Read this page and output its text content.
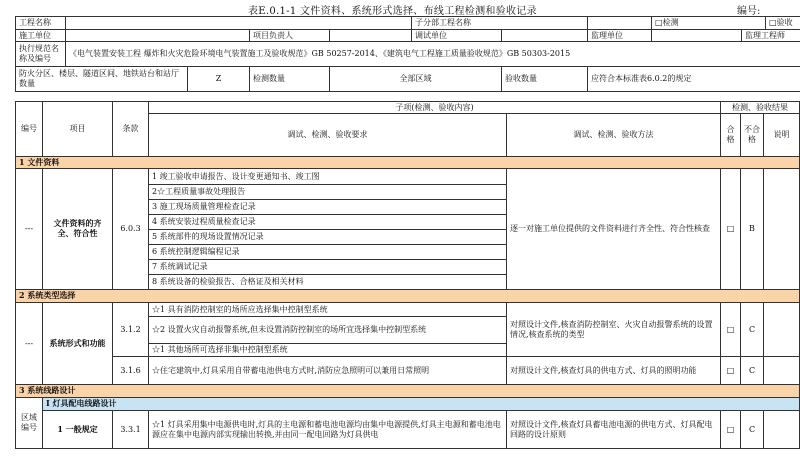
表E.0.1-1 文件资料、系统形式选择、布线工程检测和验收记录	编号:
工程名称					子分部工程名称			□检测		□验收	
施工单位			项目负责人		调试单位		监理单位		监理工程师		
执行规范名称及编号	《电气装置安装工程 爆炸和火灾危险环境电气装置施工及验收规范》GB 50257-2014、《建筑电气工程施工质量验收规范》GB 50303-2015										
防火分区、楼层、隧道区间、地铁站台和站厅数量		Z	检测数量	全部区域		验收数量	应符合本标准表6.0.2的规定				
编号	项目	条款	子项(检测、验收内容)		检测、验收结果		
			调试、检测、验收要求	调试、检测、验收方法	合格	不合格	说明
1 文件资料							
---	文件资料的齐全、符合性	6.0.3	1 竣工验收申请报告、设计变更通知书、竣工图	逐一对施工单位提供的文件资料进行齐全性、符合性核查	□	B	
			2☆工程质量事故处理报告				
			3 施工现场质量管理检查记录				
			4 系统安装过程质量检查记录				
			5 系统部件的现场设置情况记录				
			6 系统控制逻辑编程记录				
			7 系统调试记录				
			8 系统设备的检验报告、合格证及相关材料				
2 系统类型选择							
---	系统形式和功能	3.1.2	☆1 具有消防控制室的场所应选择集中控制型系统	对照设计文件,核查消防控制室、火灾自动报警系统的设置情况,核查系统的类型	□	C	
			☆2 设置火灾自动报警系统,但未设置消防控制室的场所宜选择集中控制型系统				
			☆1 其他场所可选择非集中控制型系统				
		3.1.6	☆住宅建筑中,灯具采用自带蓄电池供电方式时,消防应急照明可以兼用日常照明	对照设计文件,核查灯具的供电方式、灯具的照明功能	□	C	
3 系统线路设计							
区域编号	I 灯具配电线路设计						
	1 一般规定	3.3.1	☆1 灯具采用集中电源供电时,灯具的主电源和蓄电池电源均由集中电源提供,灯具主电源和蓄电池电源应在集中电源内部实现输出转换,并由同一配电回路为灯具供电	对照设计文件,核查灯具蓄电池电源的供电方式、灯具配电回路的设计原则	□	C	
